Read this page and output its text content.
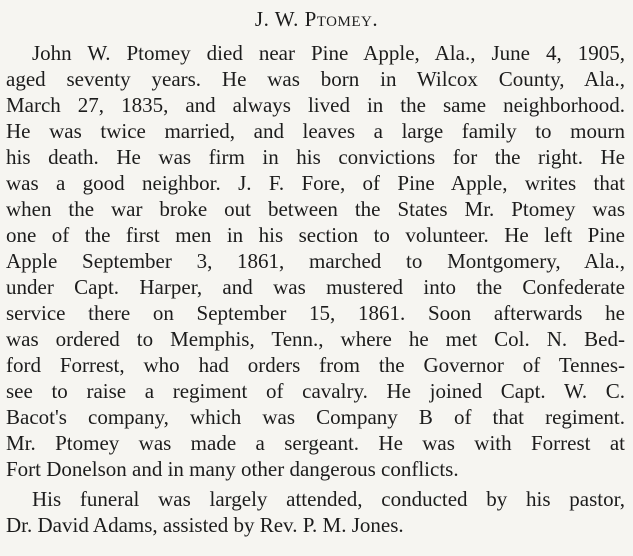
J. W. Ptomey.
John W. Ptomey died near Pine Apple, Ala., June 4, 1905,
aged seventy years. He was born in Wilcox County, Ala.,
March 27, 1835, and always lived in the same neighborhood.
He was twice married, and leaves a large family to mourn
his death. He was firm in his convictions for the right. He
was a good neighbor. J. F. Fore, of Pine Apple, writes that
when the war broke out between the States Mr. Ptomey was
one of the first men in his section to volunteer. He left Pine
Apple September 3, 1861, marched to Montgomery, Ala.,
under Capt. Harper, and was mustered into the Confederate
service there on September 15, 1861. Soon afterwards he
was ordered to Memphis, Tenn., where he met Col. N. Bed-
ford Forrest, who had orders from the Governor of Tennes-
see to raise a regiment of cavalry. He joined Capt. W. C.
Bacot's company, which was Company B of that regiment.
Mr. Ptomey was made a sergeant. He was with Forrest at
Fort Donelson and in many other dangerous conflicts.
His funeral was largely attended, conducted by his pastor,
Dr. David Adams, assisted by Rev. P. M. Jones.
